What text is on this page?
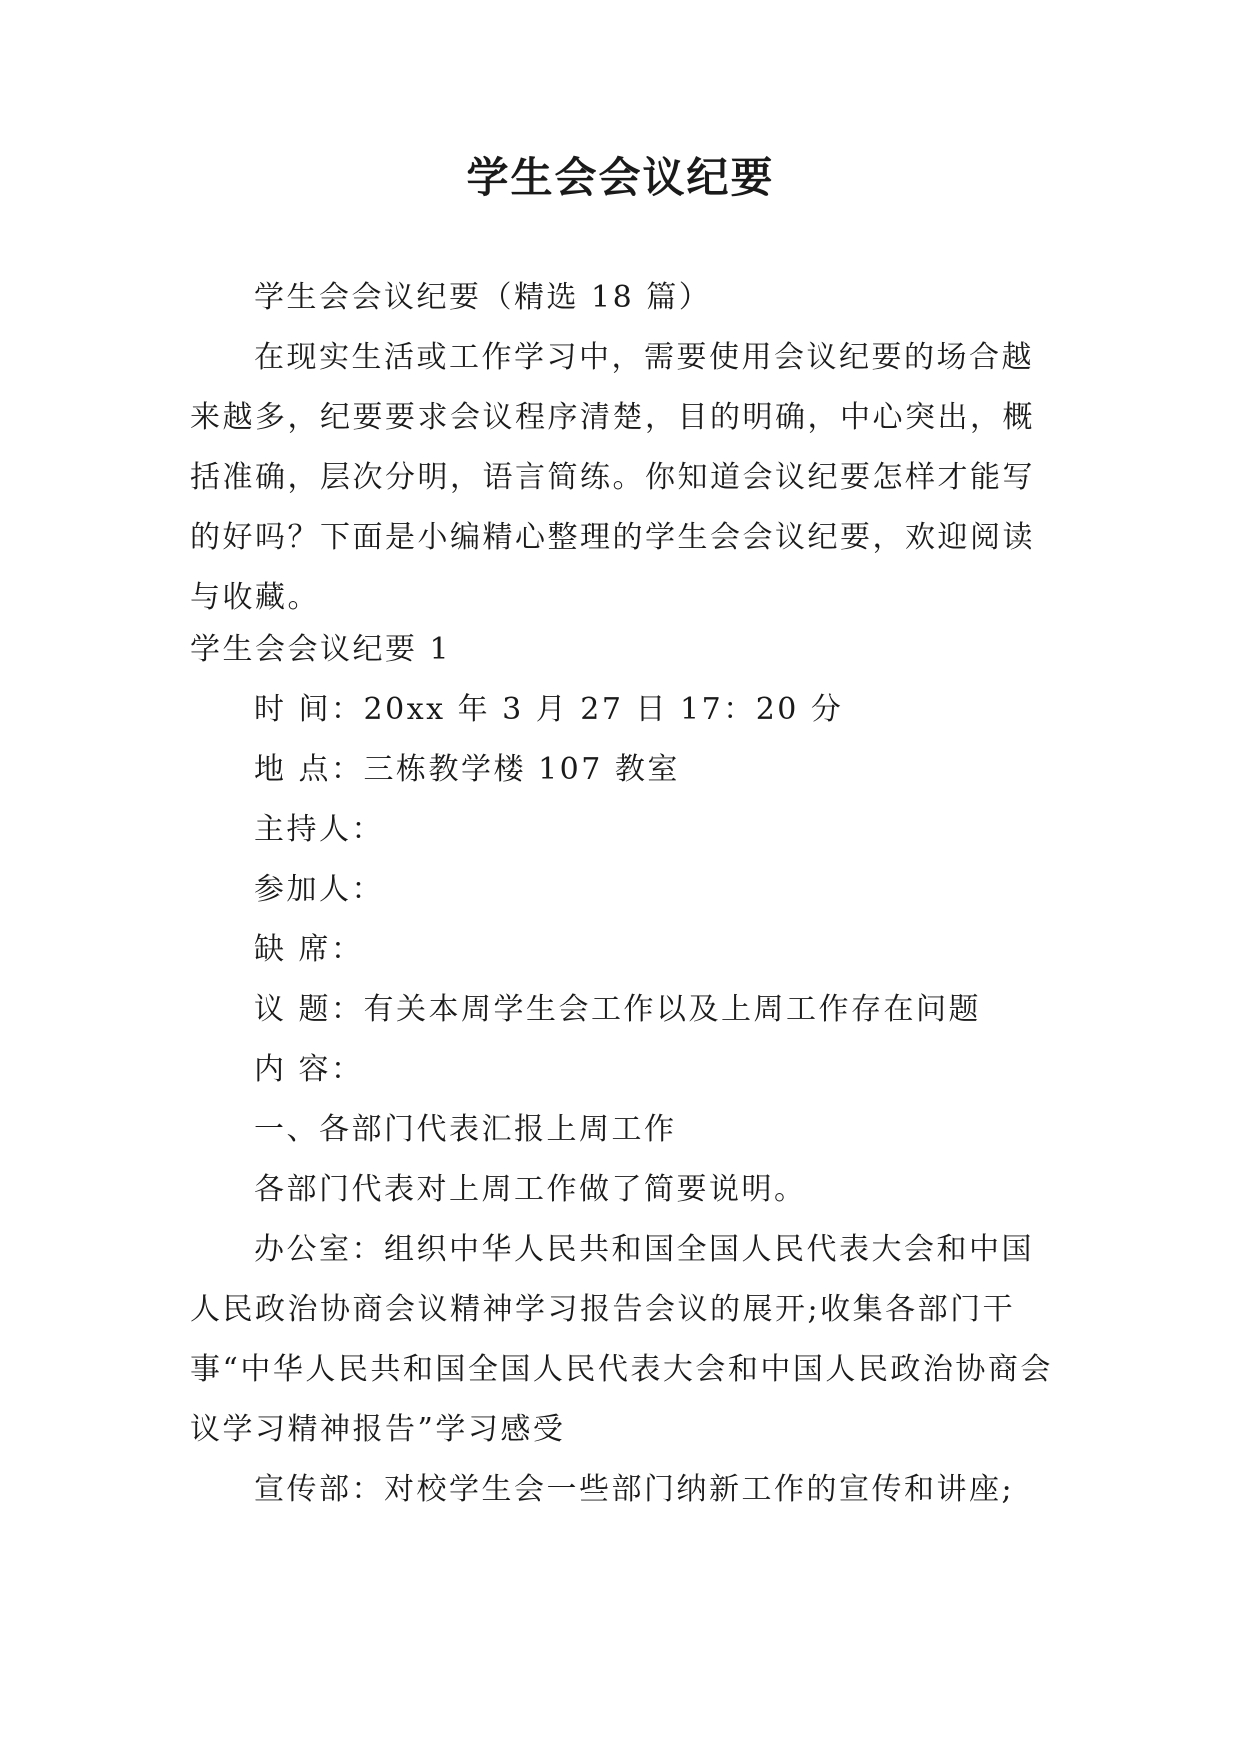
学生会会议纪要

学生会会议纪要（精选 18 篇）

在现实生活或工作学习中，需要使用会议纪要的场合越来越多，纪要要求会议程序清楚，目的明确，中心突出，概括准确，层次分明，语言简练。你知道会议纪要怎样才能写的好吗？下面是小编精心整理的学生会会议纪要，欢迎阅读与收藏。

学生会会议纪要 1

时 间：20xx 年 3 月 27 日 17：20 分

地 点：三栋教学楼 107 教室

主持人：

参加人：

缺 席：

议 题：有关本周学生会工作以及上周工作存在问题

内 容：

一、各部门代表汇报上周工作

各部门代表对上周工作做了简要说明。

办公室：组织中华人民共和国全国人民代表大会和中国人民政治协商会议精神学习报告会议的展开;收集各部门干事“中华人民共和国全国人民代表大会和中国人民政治协商会议学习精神报告”学习感受

宣传部：对校学生会一些部门纳新工作的宣传和讲座;
